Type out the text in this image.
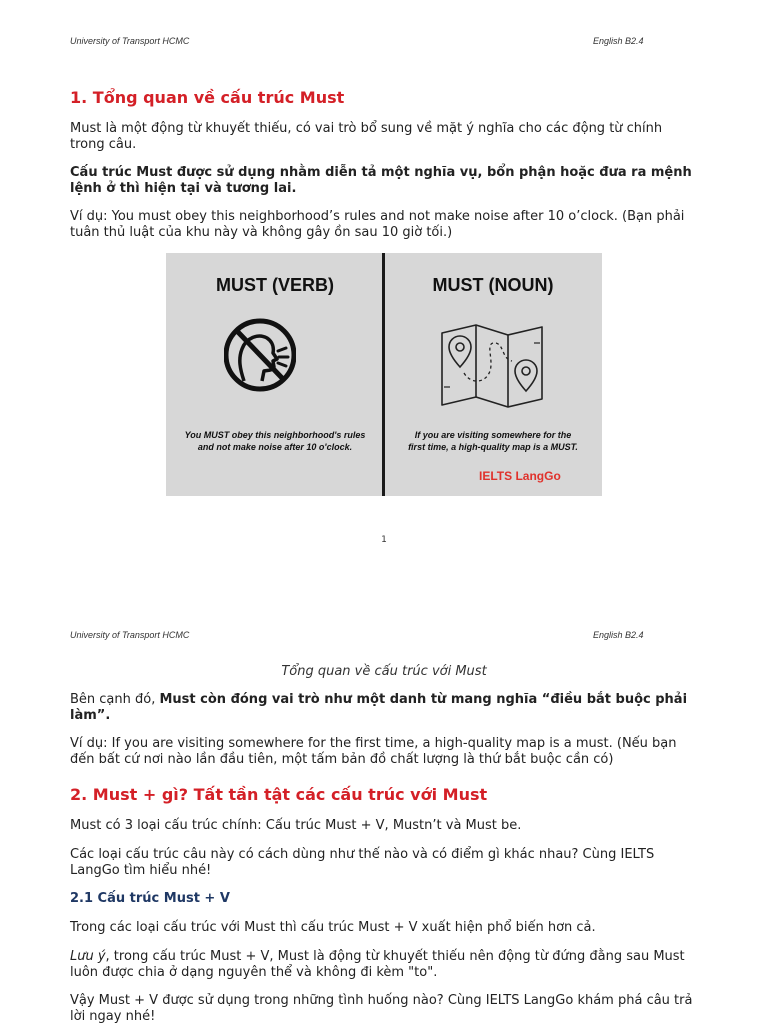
University of Transport HCMC	English B2.4
1. Tổng quan về cấu trúc Must

Must là một động từ khuyết thiếu, có vai trò bổ sung về mặt ý nghĩa cho các động từ chính trong câu.

Cấu trúc Must được sử dụng nhằm diễn tả một nghĩa vụ, bổn phận hoặc đưa ra mệnh lệnh ở thì hiện tại và tương lai.

Ví dụ: You must obey this neighborhood’s rules and not make noise after 10 o’clock. (Bạn phải tuân thủ luật của khu này và không gây ồn sau 10 giờ tối.)

MUST (VERB)	MUST (NOUN)
You MUST obey this neighborhood's rules
and not make noise after 10 o'clock.
If you are visiting somewhere for the
first time, a high-quality map is a MUST.
IELTS LangGo
1
University of Transport HCMC	English B2.4
Tổng quan về cấu trúc với Must

Bên cạnh đó, Must còn đóng vai trò như một danh từ mang nghĩa “điều bắt buộc phải làm”.

Ví dụ: If you are visiting somewhere for the first time, a high-quality map is a must. (Nếu bạn đến bất cứ nơi nào lần đầu tiên, một tấm bản đồ chất lượng là thứ bắt buộc cần có)

2. Must + gì? Tất tần tật các cấu trúc với Must

Must có 3 loại cấu trúc chính: Cấu trúc Must + V, Mustn’t và Must be.

Các loại cấu trúc câu này có cách dùng như thế nào và có điểm gì khác nhau? Cùng IELTS LangGo tìm hiểu nhé!

2.1 Cấu trúc Must + V

Trong các loại cấu trúc với Must thì cấu trúc Must + V xuất hiện phổ biến hơn cả.

Lưu ý, trong cấu trúc Must + V, Must là động từ khuyết thiếu nên động từ đứng đằng sau Must luôn được chia ở dạng nguyên thể và không đi kèm "to".

Vậy Must + V được sử dụng trong những tình huống nào? Cùng IELTS LangGo khám phá câu trả lời ngay nhé!
